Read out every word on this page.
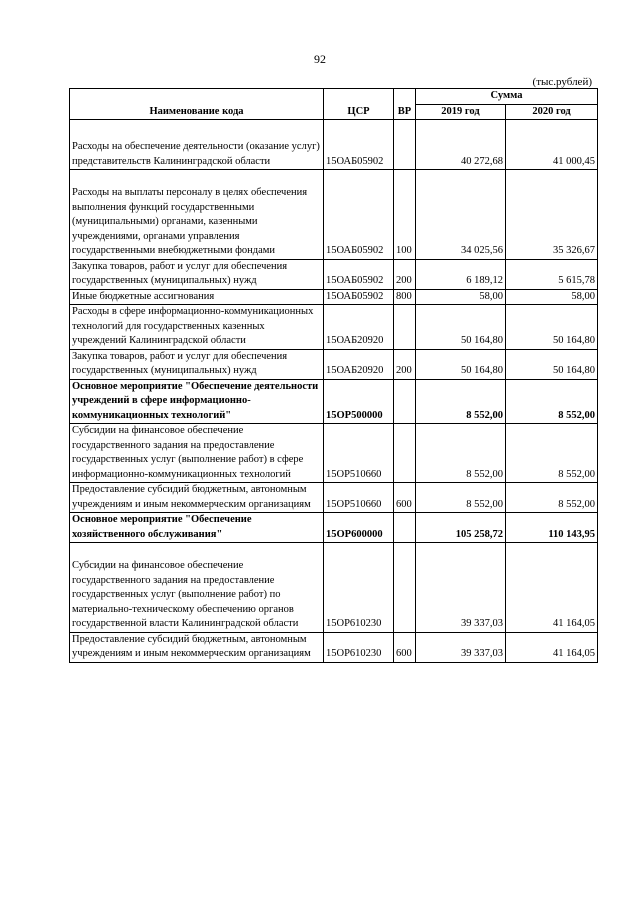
92
(тыс.рублей)
Наименование кода	ЦСР	ВР	Сумма	
			2019 год	2020 год
Расходы на обеспечение деятельности (оказание услуг) представительств Калининградской области	15ОАБ05902		40 272,68	41 000,45
Расходы на выплаты персоналу в целях обеспечения выполнения функций государственными (муниципальными) органами, казенными учреждениями, органами управления государственными внебюджетными фондами	15ОАБ05902	100	34 025,56	35 326,67
Закупка товаров, работ и услуг для обеспечения государственных (муниципальных) нужд	15ОАБ05902	200	6 189,12	5 615,78
Иные бюджетные ассигнования	15ОАБ05902	800	58,00	58,00
Расходы в сфере информационно-коммуникационных технологий для государственных казенных учреждений Калининградской области	15ОАБ20920		50 164,80	50 164,80
Закупка товаров, работ и услуг для обеспечения государственных (муниципальных) нужд	15ОАБ20920	200	50 164,80	50 164,80
Основное мероприятие "Обеспечение деятельности учреждений в сфере информационно-коммуникационных технологий"	15ОР500000		8 552,00	8 552,00
Субсидии на финансовое обеспечение государственного задания на предоставление государственных услуг (выполнение работ) в сфере информационно-коммуникационных технологий	15ОР510660		8 552,00	8 552,00
Предоставление субсидий бюджетным, автономным учреждениям и иным некоммерческим организациям	15ОР510660	600	8 552,00	8 552,00
Основное мероприятие "Обеспечение хозяйственного обслуживания"	15ОР600000		105 258,72	110 143,95
Субсидии на финансовое обеспечение государственного задания на предоставление государственных услуг (выполнение работ) по материально-техническому обеспечению органов государственной власти Калининградской области	15ОР610230		39 337,03	41 164,05
Предоставление субсидий бюджетным, автономным учреждениям и иным некоммерческим организациям	15ОР610230	600	39 337,03	41 164,05
